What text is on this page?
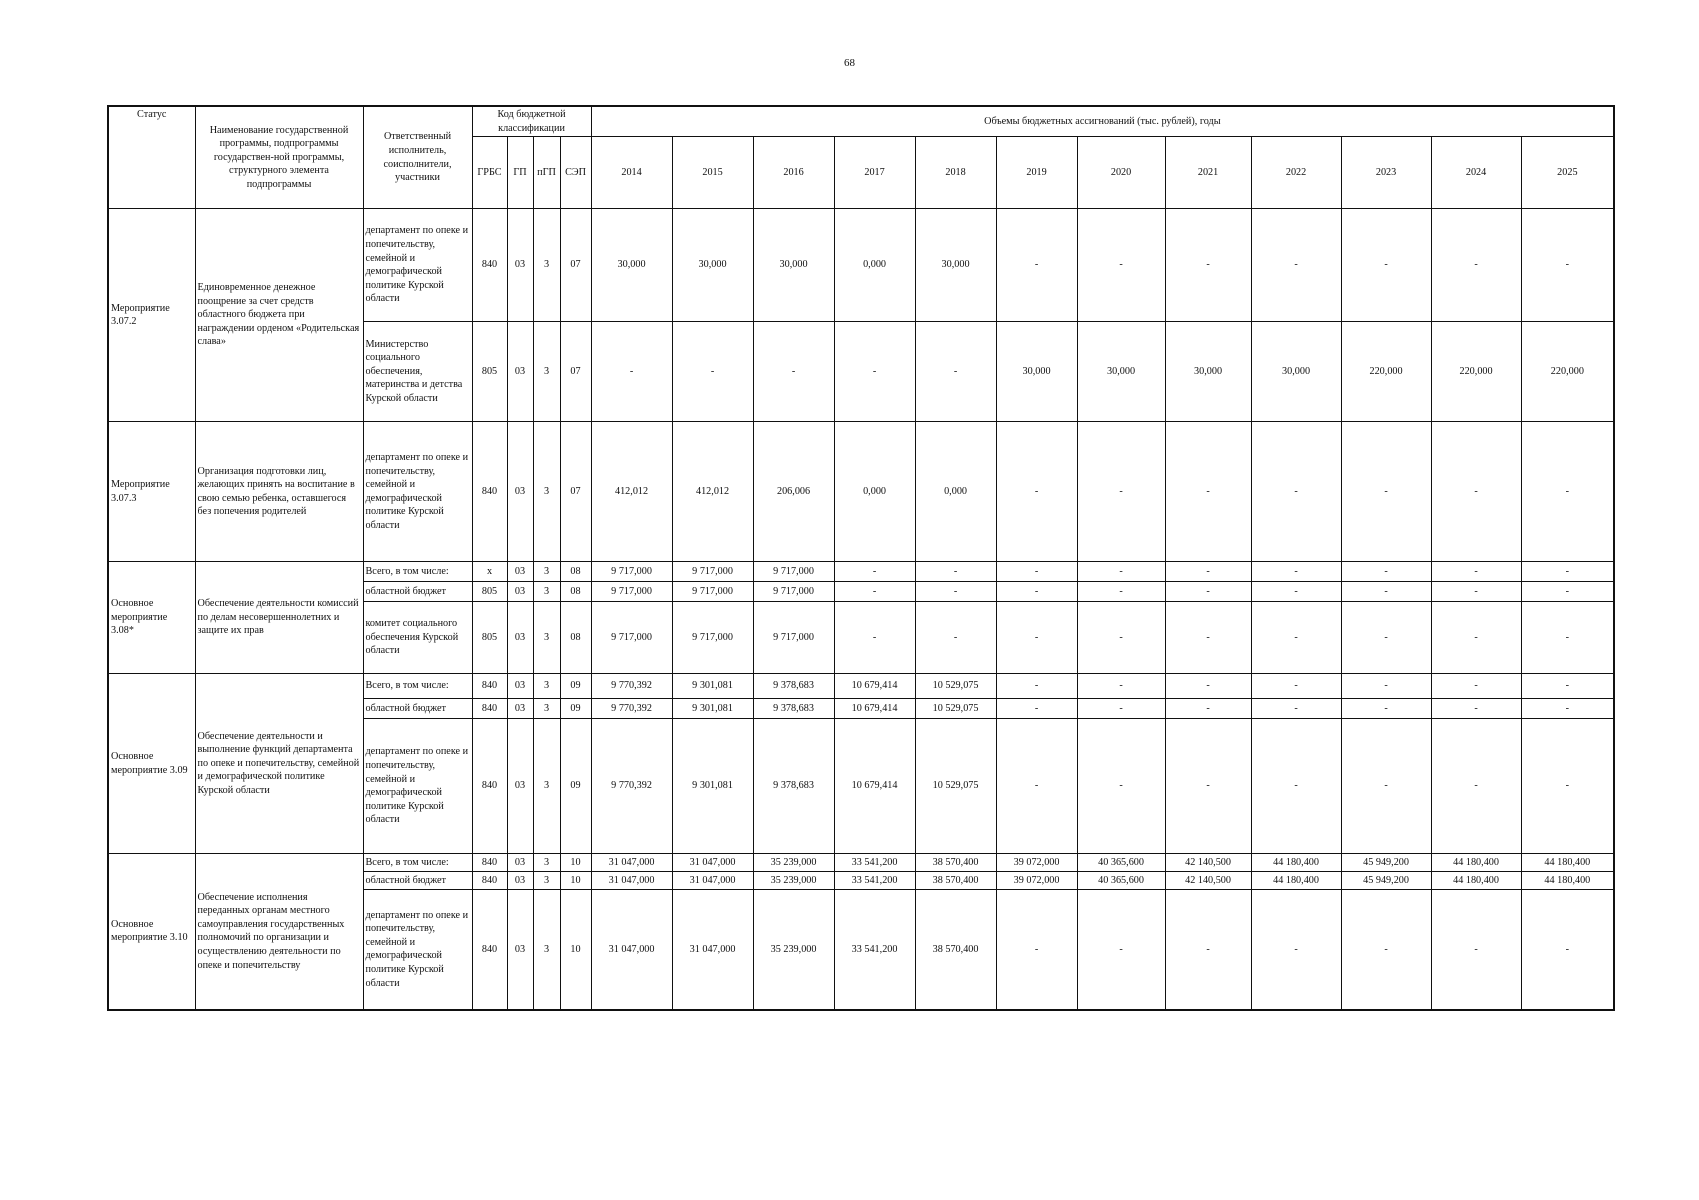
68
Статус	Наименование государственной программы, подпрограммы государствен-ной программы, структурного элемента подпрограммы	Ответственный исполнитель, соисполнители, участники	Код бюджетной классификации				Объемы бюджетных ассигнований (тыс. рублей), годы											
			ГРБС	ГП	пГП	СЭП	2014	2015	2016	2017	2018	2019	2020	2021	2022	2023	2024	2025
Мероприятие 3.07.2	Единовременное денежное поощрение за счет средств областного бюджета при награждении орденом «Родительская слава»	департамент по опеке и попечительству, семейной и демографической политике Курской области	840	03	3	07	30,000	30,000	30,000	0,000	30,000	-	-	-	-	-	-	-
		Министерство социального обеспечения, материнства и детства Курской области	805	03	3	07	-	-	-	-	-	30,000	30,000	30,000	30,000	220,000	220,000	220,000
Мероприятие 3.07.3	Организация подготовки лиц, желающих принять на воспитание в свою семью ребенка, оставшегося без попечения родителей	департамент по опеке и попечительству, семейной и демографической политике Курской области	840	03	3	07	412,012	412,012	206,006	0,000	0,000	-	-	-	-	-	-	-
Основное мероприятие 3.08*	Обеспечение деятельности комиссий по делам несовершеннолетних и защите их прав	Всего, в том числе:	x	03	3	08	9 717,000	9 717,000	9 717,000	-	-	-	-	-	-	-	-	-
		областной бюджет	805	03	3	08	9 717,000	9 717,000	9 717,000	-	-	-	-	-	-	-	-	-
		комитет социального обеспечения Курской области	805	03	3	08	9 717,000	9 717,000	9 717,000	-	-	-	-	-	-	-	-	-
Основное мероприятие 3.09	Обеспечение деятельности и выполнение функций департамента по опеке и попечительству, семейной и демографической политике Курской области	Всего, в том числе:	840	03	3	09	9 770,392	9 301,081	9 378,683	10 679,414	10 529,075	-	-	-	-	-	-	-
		областной бюджет	840	03	3	09	9 770,392	9 301,081	9 378,683	10 679,414	10 529,075	-	-	-	-	-	-	-
		департамент по опеке и попечительству, семейной и демографической политике Курской области	840	03	3	09	9 770,392	9 301,081	9 378,683	10 679,414	10 529,075	-	-	-	-	-	-	-
Основное мероприятие 3.10	Обеспечение исполнения переданных органам местного самоуправления государственных полномочий по организации и осуществлению деятельности по опеке и попечительству	Всего, в том числе:	840	03	3	10	31 047,000	31 047,000	35 239,000	33 541,200	38 570,400	39 072,000	40 365,600	42 140,500	44 180,400	45 949,200	44 180,400	44 180,400
		областной бюджет	840	03	3	10	31 047,000	31 047,000	35 239,000	33 541,200	38 570,400	39 072,000	40 365,600	42 140,500	44 180,400	45 949,200	44 180,400	44 180,400
		департамент по опеке и попечительству, семейной и демографической политике Курской области	840	03	3	10	31 047,000	31 047,000	35 239,000	33 541,200	38 570,400	-	-	-	-	-	-	-
